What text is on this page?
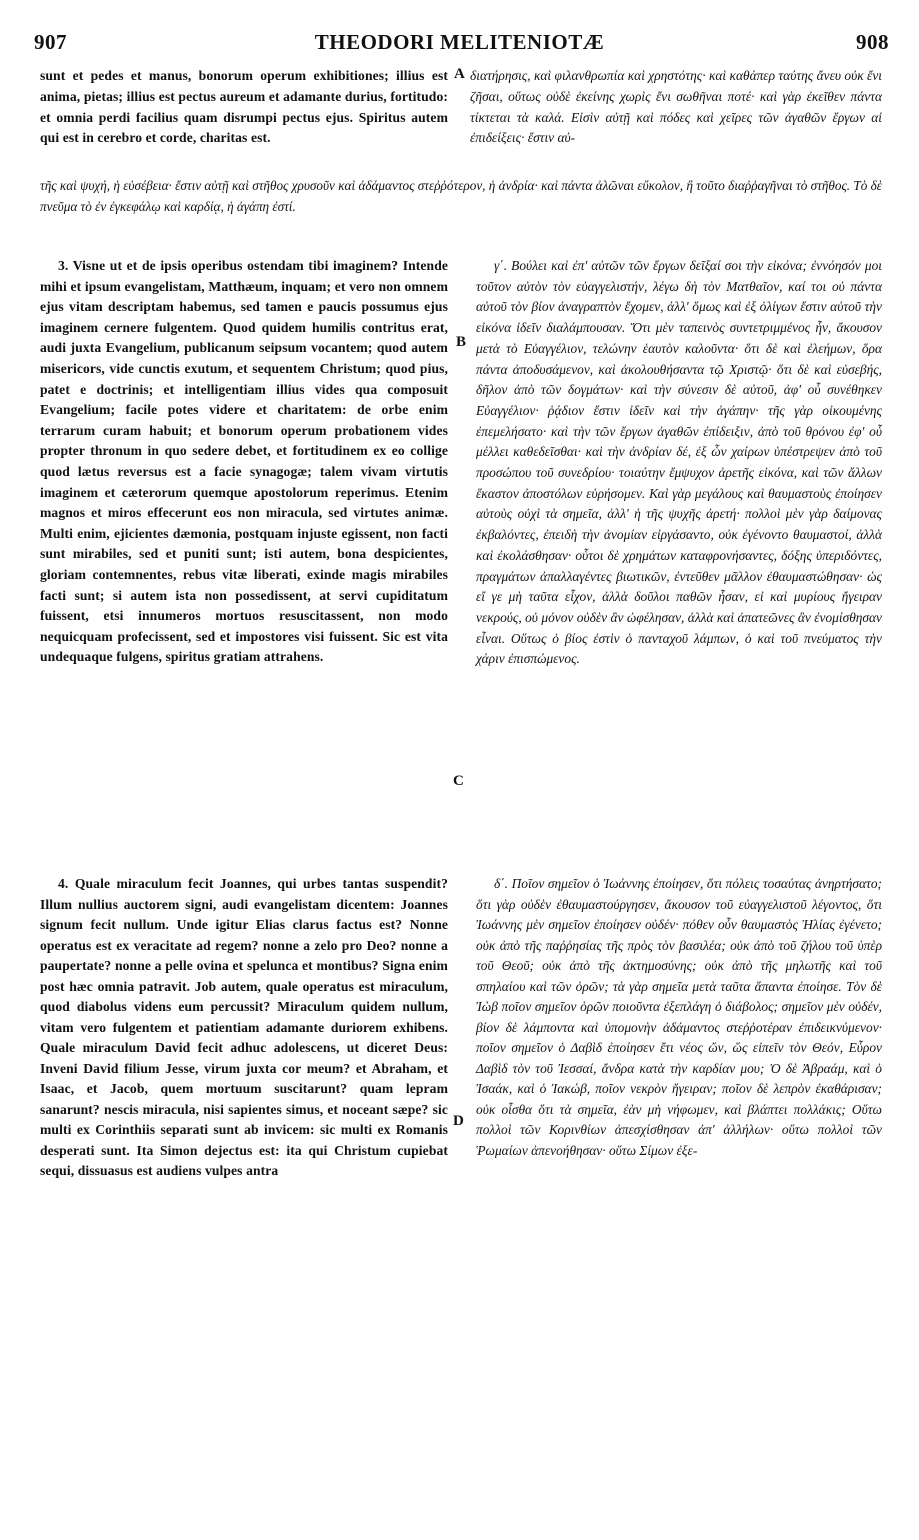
907	THEODORI MELITENIOTÆ	908
sunt et pedes et manus, bonorum operum exhibitiones; illius est anima, pietas; illius est pectus aureum et adamante durius, fortitudo: et omnia perdi facilius quam disrumpi pectus ejus. Spiritus autem qui est in cerebro et corde, charitas est.
A διατήρησις, καὶ φιλανθρωπία καὶ χρηστότης· καὶ καθάπερ ταύτης ἄνευ οὐκ ἔνι ζῆσαι, οὕτως οὐδὲ ἐκείνης χωρὶς ἔνι σωθῆναι ποτέ· καὶ γὰρ ἐκεῖθεν πάντα τίκτεται τὰ καλά. Εἰσὶν αὐτῇ καὶ πόδες καὶ χεῖρες τῶν ἀγαθῶν ἔργων αἱ ἐπιδείξεις· ἔστιν αὐ-
τῆς καὶ ψυχή, ἡ εὐσέβεια· ἔστιν αὐτῇ καὶ στῆθος χρυσοῦν καὶ ἀδάμαντος στεῤῥότερον, ἡ ἀνδρία· καὶ πάντα ἀλῶναι εὔκολον, ἢ τοῦτο διαῤῥαγῆναι τὸ στῆθος. Τὸ δὲ πνεῦμα τὸ ἐν ἐγκεφάλῳ καὶ καρδίᾳ, ἡ ἀγάπη ἐστί.
3. Visne ut et de ipsis operibus ostendam tibi imaginem? Intende mihi et ipsum evangelistam, Matthæum, inquam; et vero non omnem ejus vitam descriptam habemus, sed tamen e paucis possumus ejus imaginem cernere fulgentem. Quod quidem humilis contritus erat, audi juxta Evangelium, publicanum seipsum vocantem; quod autem misericors, vide cunctis exutum, et sequentem Christum; quod pius, patet e doctrinis; et intelligentiam illius vides qua composuit Evangelium; facile potes videre et charitatem: de orbe enim terrarum curam habuit; et bonorum operum probationem vides propter thronum in quo sedere debet, et fortitudinem ex eo collige quod lætus reversus est a facie synagogæ; talem vivam virtutis imaginem et cæterorum quemque apostolorum reperimus. Etenim magnos et miros effecerunt eos non miracula, sed virtutes animæ. Multi enim, ejicientes dæmonia, postquam injuste egissent, non facti sunt mirabiles, sed et puniti sunt; isti autem, bona despicientes, gloriam contemnentes, rebus vitæ liberati, exinde magis mirabiles facti sunt; si autem ista non possedissent, at servi cupiditatum fuissent, etsi innumeros mortuos resuscitassent, non modo nequicquam profecissent, sed et impostores visi fuissent. Sic est vita undequaque fulgens, spiritus gratiam attrahens.
B
C
γ΄. Βούλει καὶ ἐπ' αὐτῶν τῶν ἔργων δεῖξαί σοι τὴν εἰκόνα; ἐννόησόν μοι τοῦτον αὐτὸν τὸν εὐαγγελιστήν, λέγω δὴ τὸν Ματθαῖον, καί τοι οὐ πάντα αὐτοῦ τὸν βίον ἀναγραπτὸν ἔχομεν, ἀλλ' ὅμως καὶ ἐξ ὀλίγων ἔστιν αὐτοῦ τὴν εἰκόνα ἰδεῖν διαλάμπουσαν. Ὅτι μὲν ταπεινὸς συντετριμμένος ἦν, ἄκουσον μετὰ τὸ Εὐαγγέλιον, τελώνην ἑαυτὸν καλοῦντα· ὅτι δὲ καὶ ἐλεήμων, ὅρα πάντα ἀποδυσάμενον, καὶ ἀκολουθήσαντα τῷ Χριστῷ· ὅτι δὲ καὶ εὐσεβής, δῆλον ἀπὸ τῶν δογμάτων· καὶ τὴν σύνεσιν δὲ αὐτοῦ, ἀφ' οὗ συνέθηκεν Εὐαγγέλιον· ῥᾴδιον ἔστιν ἰδεῖν καὶ τὴν ἀγάπην· τῆς γὰρ οἰκουμένης ἐπεμελήσατο· καὶ τὴν τῶν ἔργων ἀγαθῶν ἐπίδειξιν, ἀπὸ τοῦ θρόνου ἐφ' οὗ μέλλει καθεδεῖσθαι· καὶ τὴν ἀνδρίαν δέ, ἐξ ὧν χαίρων ὑπέστρεψεν ἀπὸ τοῦ προσώπου τοῦ συνεδρίου· τοιαύτην ἔμψυχον ἀρετῆς εἰκόνα, καὶ τῶν ἄλλων ἕκαστον ἀποστόλων εὑρήσομεν. Καὶ γὰρ μεγάλους καὶ θαυμαστοὺς ἐποίησεν αὐτοὺς οὐχὶ τὰ σημεῖα, ἀλλ' ἡ τῆς ψυχῆς ἀρετή· πολλοὶ μὲν γὰρ δαίμονας ἐκβαλόντες, ἐπειδὴ τὴν ἀνομίαν εἰργάσαντο, οὐκ ἐγένοντο θαυμαστοί, ἀλλὰ καὶ ἐκολάσθησαν· οὗτοι δὲ χρημάτων καταφρονήσαντες, δόξης ὑπεριδόντες, πραγμάτων ἀπαλλαγέντες βιωτικῶν, ἐντεῦθεν μᾶλλον ἐθαυμαστώθησαν· ὡς εἴ γε μὴ ταῦτα εἶχον, ἀλλὰ δοῦλοι παθῶν ἦσαν, εἰ καὶ μυρίους ἤγειραν νεκρούς, οὐ μόνον οὐδὲν ἂν ὠφέλησαν, ἀλλὰ καὶ ἀπατεῶνες ἂν ἐνομίσθησαν εἶναι. Οὕτως ὁ βίος ἐστὶν ὁ πανταχοῦ λάμπων, ὁ καὶ τοῦ πνεύματος τὴν χάριν ἐπισπώμενος.
4. Quale miraculum fecit Joannes, qui urbes tantas suspendit? Illum nullius auctorem signi, audi evangelistam dicentem: Joannes signum fecit nullum. Unde igitur Elias clarus factus est? Nonne operatus est ex veracitate ad regem? nonne a zelo pro Deo? nonne a paupertate? nonne a pelle ovina et spelunca et montibus? Signa enim post hæc omnia patravit. Job autem, quale operatus est miraculum, quod diabolus videns eum percussit? Miraculum quidem nullum, vitam vero fulgentem et patientiam adamante duriorem exhibens. Quale miraculum David fecit adhuc adolescens, ut diceret Deus: Inveni David filium Jesse, virum juxta cor meum? et Abraham, et Isaac, et Jacob, quem mortuum suscitarunt? quam lepram sanarunt? nescis miracula, nisi sapientes simus, et noceant sæpe? sic multi ex Corinthiis separati sunt ab invicem: sic multi ex Romanis desperati sunt. Ita Simon dejectus est: ita qui Christum cupiebat sequi, dissuasus est audiens vulpes antra
D
δ΄. Ποῖον σημεῖον ὁ Ἰωάννης ἐποίησεν, ὅτι πόλεις τοσαύτας ἀνηρτήσατο; ὅτι γὰρ οὐδὲν ἐθαυμαστούργησεν, ἄκουσον τοῦ εὐαγγελιστοῦ λέγοντος, ὅτι Ἰωάννης μὲν σημεῖον ἐποίησεν οὐδέν· πόθεν οὖν θαυμαστὸς Ἠλίας ἐγένετο; οὐκ ἀπὸ τῆς παῤῥησίας τῆς πρὸς τὸν βασιλέα; οὐκ ἀπὸ τοῦ ζήλου τοῦ ὑπὲρ τοῦ Θεοῦ; οὐκ ἀπὸ τῆς ἀκτημοσύνης; οὐκ ἀπὸ τῆς μηλωτῆς καὶ τοῦ σπηλαίου καὶ τῶν ὀρῶν; τὰ γὰρ σημεῖα μετὰ ταῦτα ἅπαντα ἐποίησε. Τὸν δὲ Ἰὼβ ποῖον σημεῖον ὁρῶν ποιοῦντα ἐξεπλάγη ὁ διάβολος; σημεῖον μὲν οὐδέν, βίον δὲ λάμποντα καὶ ὑπομονὴν ἀδάμαντος στεῤῥοτέραν ἐπιδεικνύμενον· ποῖον σημεῖον ὁ Δαβὶδ ἐποίησεν ἔτι νέος ὤν, ὥς εἰπεῖν τὸν Θεόν, Εὗρον Δαβὶδ τὸν τοῦ Ἰεσσαί, ἄνδρα κατὰ τὴν καρδίαν μου; Ὁ δὲ Ἀβραάμ, καὶ ὁ Ἰσαάκ, καὶ ὁ Ἰακώβ, ποῖον νεκρὸν ἤγειραν; ποῖον δὲ λεπρὸν ἐκαθάρισαν; οὐκ οἶσθα ὅτι τὰ σημεῖα, ἐὰν μὴ νήφωμεν, καὶ βλάπτει πολλάκις; Οὕτω πολλοὶ τῶν Κορινθίων ἀπεσχίσθησαν ἀπ' ἀλλήλων· οὕτω πολλοὶ τῶν Ῥωμαίων ἀπενοήθησαν· οὕτω Σίμων ἐξε-
